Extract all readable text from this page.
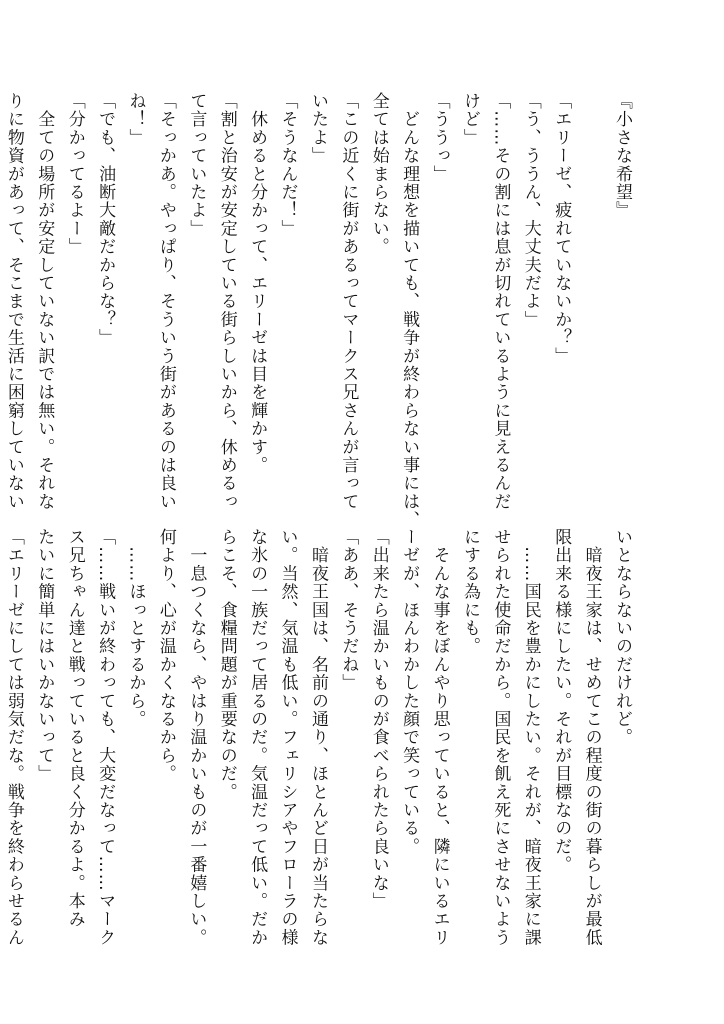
『小さな希望』

「エリーゼ、疲れていないか？」
「う、ううん、大丈夫だよ」
「……その割には息が切れているように見えるんだ
けど」
「ううっ」
　どんな理想を描いても、戦争が終わらない事には、
全ては始まらない。
「この近くに街があるってマークス兄さんが言って
いたよ」
「そうなんだ！」
　休めると分かって、エリーゼは目を輝かす。
「割と治安が安定している街らしいから、休めるっ
て言っていたよ」
「そっかあ。やっぱり、そういう街があるのは良い
ね！」
「でも、油断大敵だからな？」
「分かってるよー」
　全ての場所が安定していない訳では無い。それな
りに物資があって、そこまで生活に困窮していない
いとならないのだけれど。
　暗夜王家は、せめてこの程度の街の暮らしが最低
限出来る様にしたい。それが目標なのだ。
　……国民を豊かにしたい。それが、暗夜王家に課
せられた使命だから。国民を飢え死にさせないよう
にする為にも。
　そんな事をぼんやり思っていると、隣にいるエリ
ーゼが、ほんわかした顔で笑っている。
「出来たら温かいものが食べられたら良いな」
「ああ、そうだね」
　暗夜王国は、名前の通り、ほとんど日が当たらな
い。当然、気温も低い。フェリシアやフローラの様
な氷の一族だって居るのだ。気温だって低い。だか
らこそ、食糧問題が重要なのだ。
　一息つくなら、やはり温かいものが一番嬉しい。
何より、心が温かくなるから。
　……ほっとするから。
「……戦いが終わっても、大変だなって……マーク
ス兄ちゃん達と戦っていると良く分かるよ。本み
たいに簡単にはいかないって」
「エリーゼにしては弱気だな。戦争を終わらせるん
